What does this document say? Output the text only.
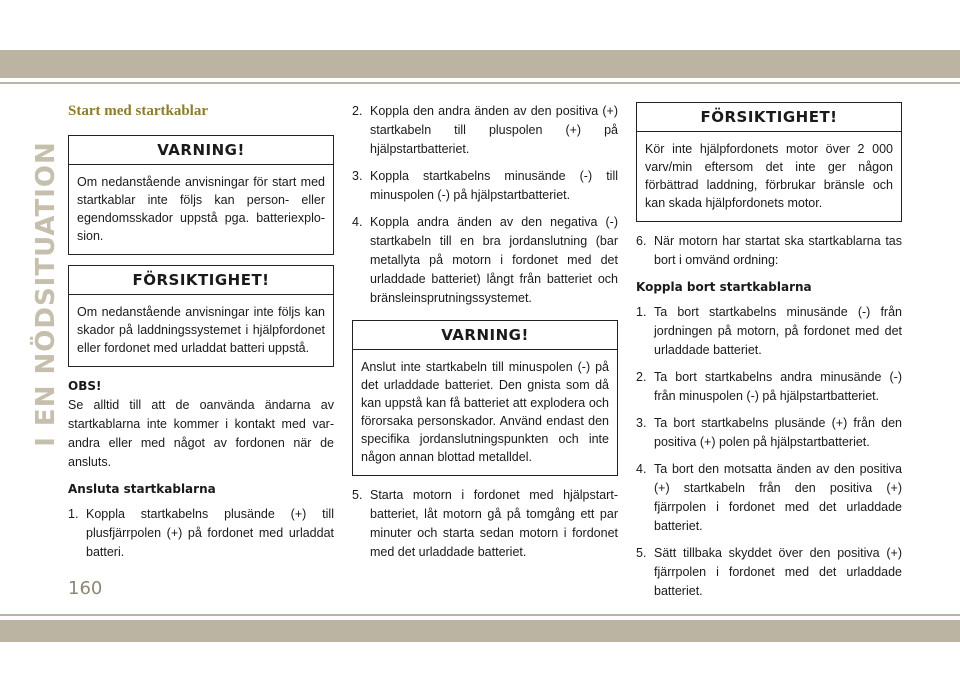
I EN NÖDSITUATION
Start med startkablar
VARNING!
Om nedanstående anvisningar för start med startkablar inte följs kan person- eller egendomsskador uppstå pga. batteriexplosion.
FÖRSIKTIGHET!
Om nedanstående anvisningar inte följs kan skador på laddningssystemet i hjälpfordonet eller fordonet med urladdat batteri uppstå.
OBS!
Se alltid till att de oanvända ändarna av startkablarna inte kommer i kontakt med varandra eller med något av fordonen när de ansluts.
Ansluta startkablarna
1. Koppla startkabelns plusände (+) till plusfjärrpolen (+) på fordonet med urladdat batteri.
2. Koppla den andra änden av den positiva (+) startkabeln till pluspolen (+) på hjälpstartbatteriet.
3. Koppla startkabelns minusände (-) till minuspolen (-) på hjälpstartbatteriet.
4. Koppla andra änden av den negativa (-) startkabeln till en bra jordanslutning (bar metallyta på motorn i fordonet med det urladdade batteriet) långt från batteriet och bränsleinsprutningssystemet.
VARNING!
Anslut inte startkabeln till minuspolen (-) på det urladdade batteriet. Den gnista som då kan uppstå kan få batteriet att explodera och förorsaka personskador. Använd endast den specifika jordanslutningspunkten och inte någon annan blottad metalldel.
5. Starta motorn i fordonet med hjälpstartbatteriet, låt motorn gå på tomgång ett par minuter och starta sedan motorn i fordonet med det urladdade batteriet.
FÖRSIKTIGHET!
Kör inte hjälpfordonets motor över 2 000 varv/min eftersom det inte ger någon förbättrad laddning, förbrukar bränsle och kan skada hjälpfordonets motor.
6. När motorn har startat ska startkablarna tas bort i omvänd ordning:
Koppla bort startkablarna
1. Ta bort startkabelns minusände (-) från jordningen på motorn, på fordonet med det urladdade batteriet.
2. Ta bort startkabelns andra minusände (-) från minuspolen (-) på hjälpstartbatteriet.
3. Ta bort startkabelns plusände (+) från den positiva (+) polen på hjälpstartbatteriet.
4. Ta bort den motsatta änden av den positiva (+) startkabeln från den positiva (+) fjärrpolen i fordonet med det urladdade batteriet.
5. Sätt tillbaka skyddet över den positiva (+) fjärrpolen i fordonet med det urladdade batteriet.
160
